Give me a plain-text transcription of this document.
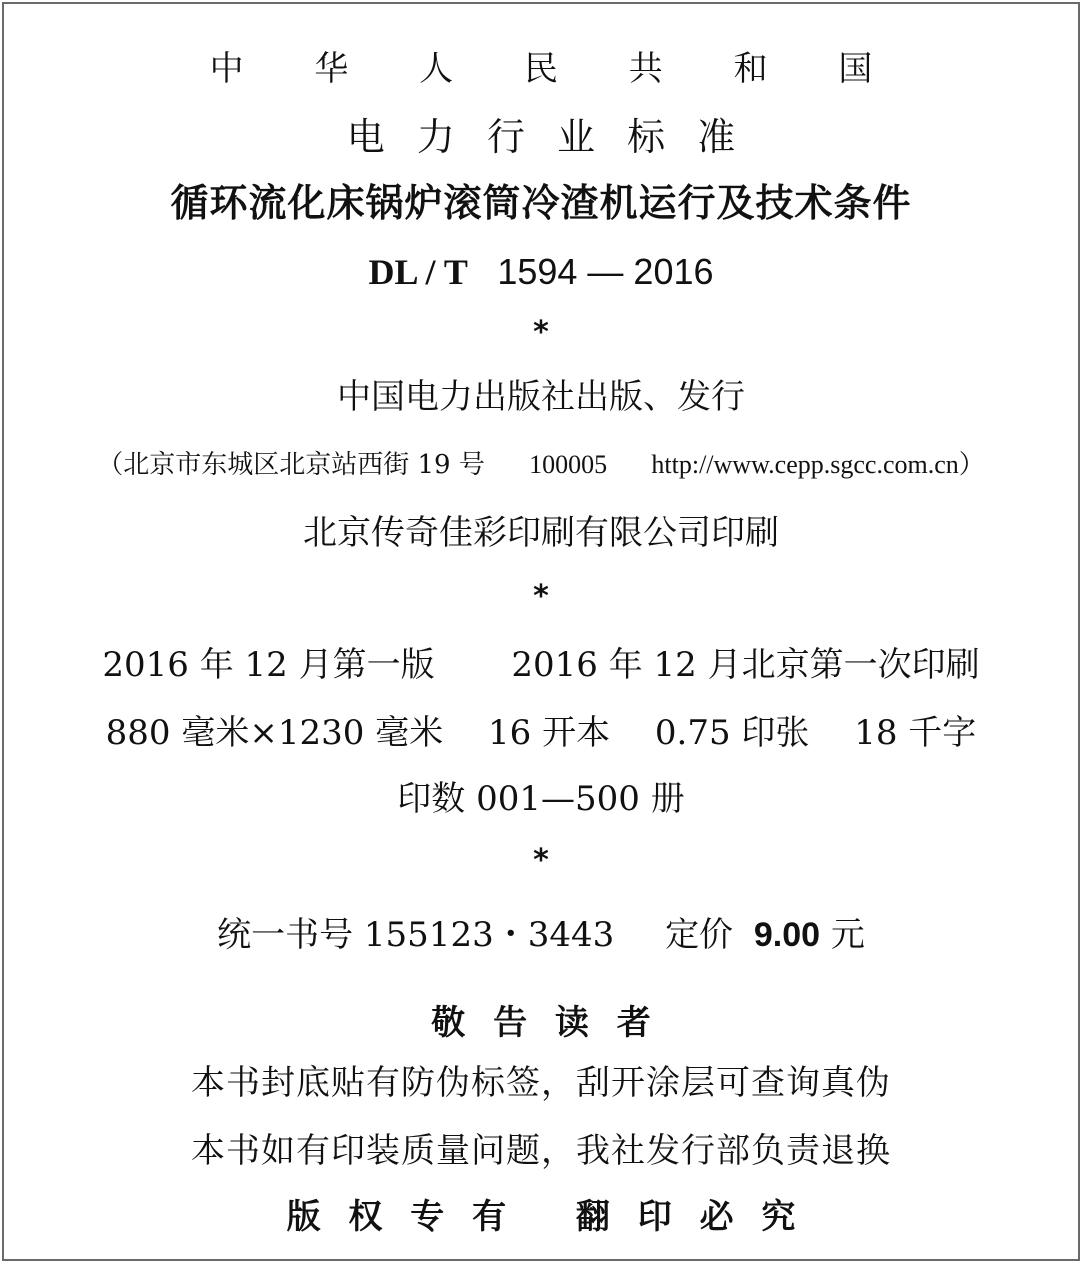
中 华 人 民 共 和 国
电 力 行 业 标 准
循环流化床锅炉滚筒冷渣机运行及技术条件
DL / T 1594 — 2016
*
中国电力出版社出版、发行
（北京市东城区北京站西街 19 号 100005 http://www.cepp.sgcc.com.cn）
北京传奇佳彩印刷有限公司印刷
*
2016 年 12 月第一版 2016 年 12 月北京第一次印刷
880 毫米×1230 毫米 16 开本 0.75 印张 18 千字
印数 001—500 册
*
统一书号 155123・3443 定价 9.00 元
敬 告 读 者
本书封底贴有防伪标签，刮开涂层可查询真伪
本书如有印装质量问题，我社发行部负责退换
版 权 专 有　 翻 印 必 究
